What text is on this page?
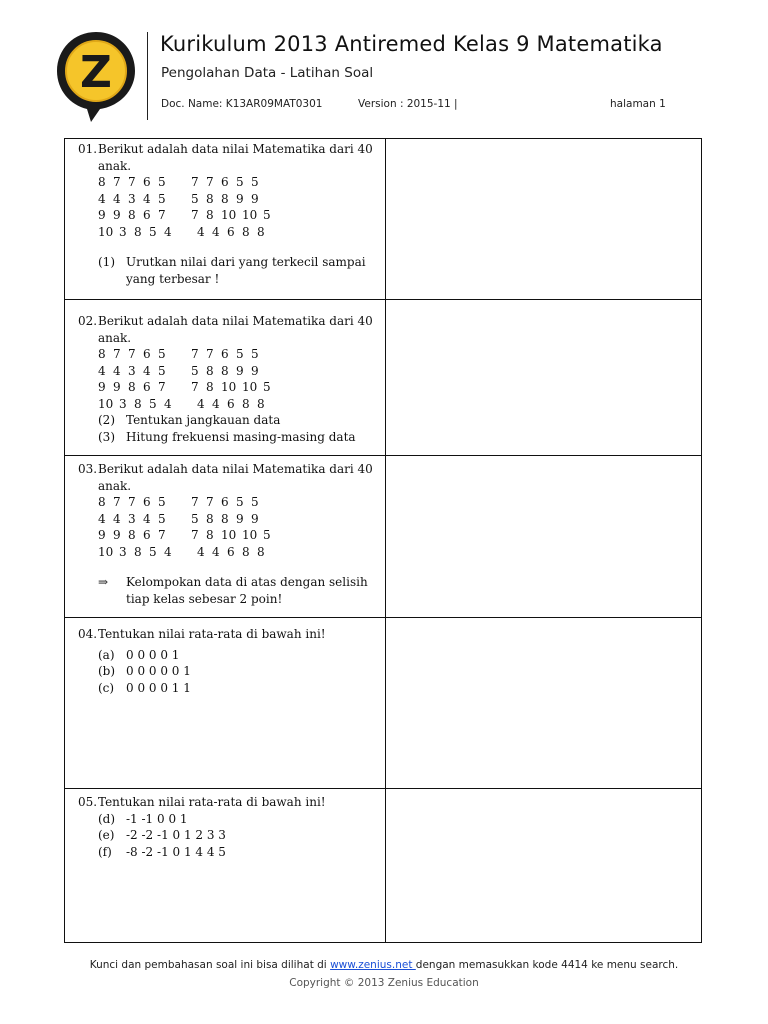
Z
Kurikulum 2013 Antiremed Kelas 9 Matematika
Pengolahan Data - Latihan Soal
Doc. Name: K13AR09MAT0301	Version : 2015-11 |	halaman 1
01. Berikut adalah data nilai Matematika dari 40 anak.
8 7 7 6 5	7 7 6 5 5
4 4 3 4 5	5 8 8 9 9
9 9 8 6 7	7 8 10 10 5
10 3 8 5 4	4 4 6 8 8
(1) Urutkan nilai dari yang terkecil sampai yang terbesar !
02. Berikut adalah data nilai Matematika dari 40 anak.
8 7 7 6 5	7 7 6 5 5
4 4 3 4 5	5 8 8 9 9
9 9 8 6 7	7 8 10 10 5
10 3 8 5 4	4 4 6 8 8
(2) Tentukan jangkauan data
(3) Hitung frekuensi masing-masing data
03. Berikut adalah data nilai Matematika dari 40 anak.
8 7 7 6 5	7 7 6 5 5
4 4 3 4 5	5 8 8 9 9
9 9 8 6 7	7 8 10 10 5
10 3 8 5 4	4 4 6 8 8
⇒	Kelompokan data di atas dengan selisih tiap kelas sebesar 2 poin!
04. Tentukan nilai rata-rata di bawah ini!
(a) 0 0 0 0 1
(b) 0 0 0 0 0 1
(c) 0 0 0 0 1 1
05. Tentukan nilai rata-rata di bawah ini!
(d) -1 -1 0 0 1
(e) -2 -2 -1 0 1 2 3 3
(f)	-8 -2 -1 0 1 4 4 5
Kunci dan pembahasan soal ini bisa dilihat di www.zenius.net dengan memasukkan kode 4414 ke menu search.
Copyright © 2013 Zenius Education
